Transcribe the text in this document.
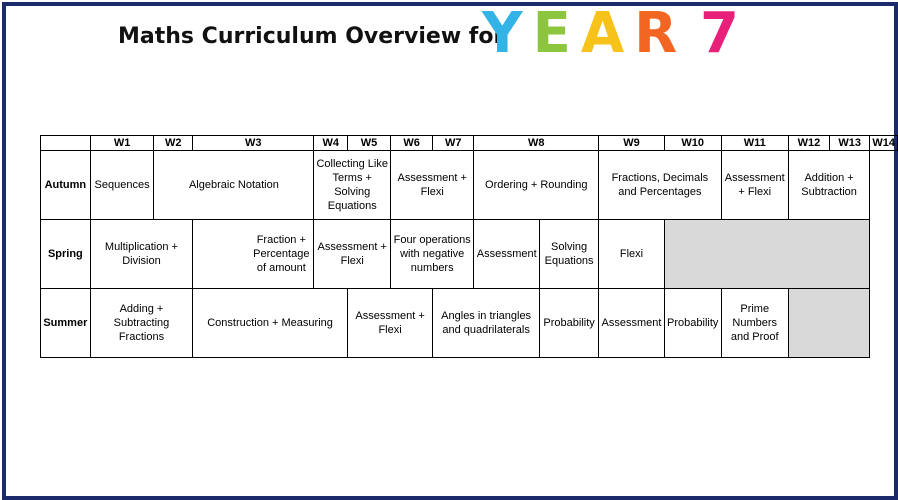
Maths Curriculum Overview for
YEAR 7
	W1	W2	W3	W4	W5	W6	W7	W8		W9	W10	W11	W12	W13	W14
Autumn	Sequences	Algebraic Notation		Collecting Like Terms + Solving Equations		Assessment + Flexi		Ordering + Rounding		Fractions, Decimals and Percentages		Assessment + Flexi	Addition + Subtraction		
Spring	Multiplication + Division		Fraction + Percentage of amount	Assessment + Flexi		Four operations with negative numbers		Assessment	Solving Equations	Flexi					
Summer	Adding + Subtracting Fractions		Construction + Measuring		Assessment + Flexi		Angles in triangles and quadrilaterals		Probability	Assessment	Probability	Prime Numbers and Proof			
